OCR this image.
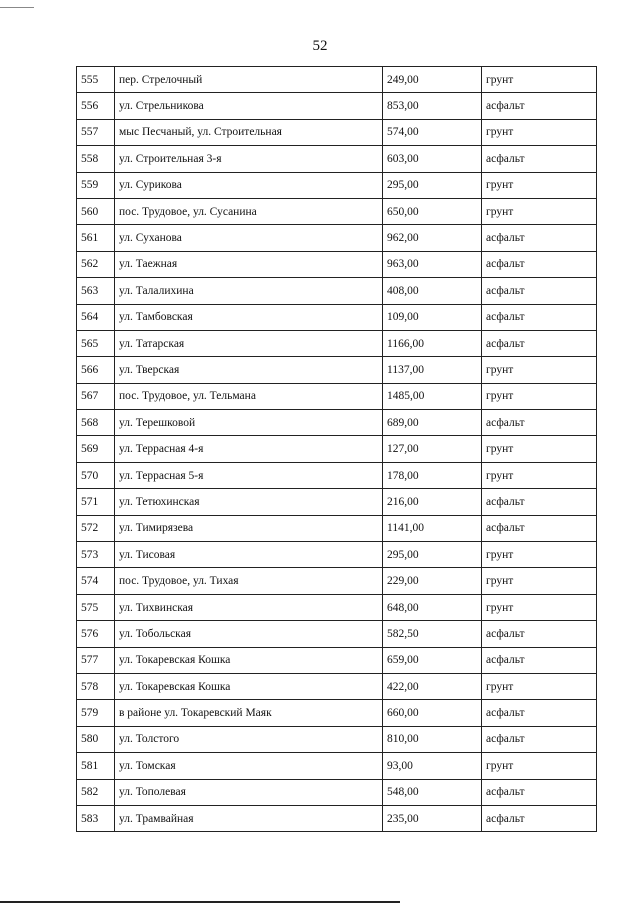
52
555	пер. Стрелочный	249,00	грунт
556	ул. Стрельникова	853,00	асфальт
557	мыс Песчаный, ул. Строительная	574,00	грунт
558	ул. Строительная 3-я	603,00	асфальт
559	ул. Сурикова	295,00	грунт
560	пос. Трудовое, ул. Сусанина	650,00	грунт
561	ул. Суханова	962,00	асфальт
562	ул. Таежная	963,00	асфальт
563	ул. Талалихина	408,00	асфальт
564	ул. Тамбовская	109,00	асфальт
565	ул. Татарская	1166,00	асфальт
566	ул. Тверская	1137,00	грунт
567	пос. Трудовое, ул. Тельмана	1485,00	грунт
568	ул. Терешковой	689,00	асфальт
569	ул. Террасная 4-я	127,00	грунт
570	ул. Террасная 5-я	178,00	грунт
571	ул. Тетюхинская	216,00	асфальт
572	ул. Тимирязева	1141,00	асфальт
573	ул. Тисовая	295,00	грунт
574	пос. Трудовое, ул. Тихая	229,00	грунт
575	ул. Тихвинская	648,00	грунт
576	ул. Тобольская	582,50	асфальт
577	ул. Токаревская Кошка	659,00	асфальт
578	ул. Токаревская Кошка	422,00	грунт
579	в районе ул. Токаревский Маяк	660,00	асфальт
580	ул. Толстого	810,00	асфальт
581	ул. Томская	93,00	грунт
582	ул. Тополевая	548,00	асфальт
583	ул. Трамвайная	235,00	асфальт
